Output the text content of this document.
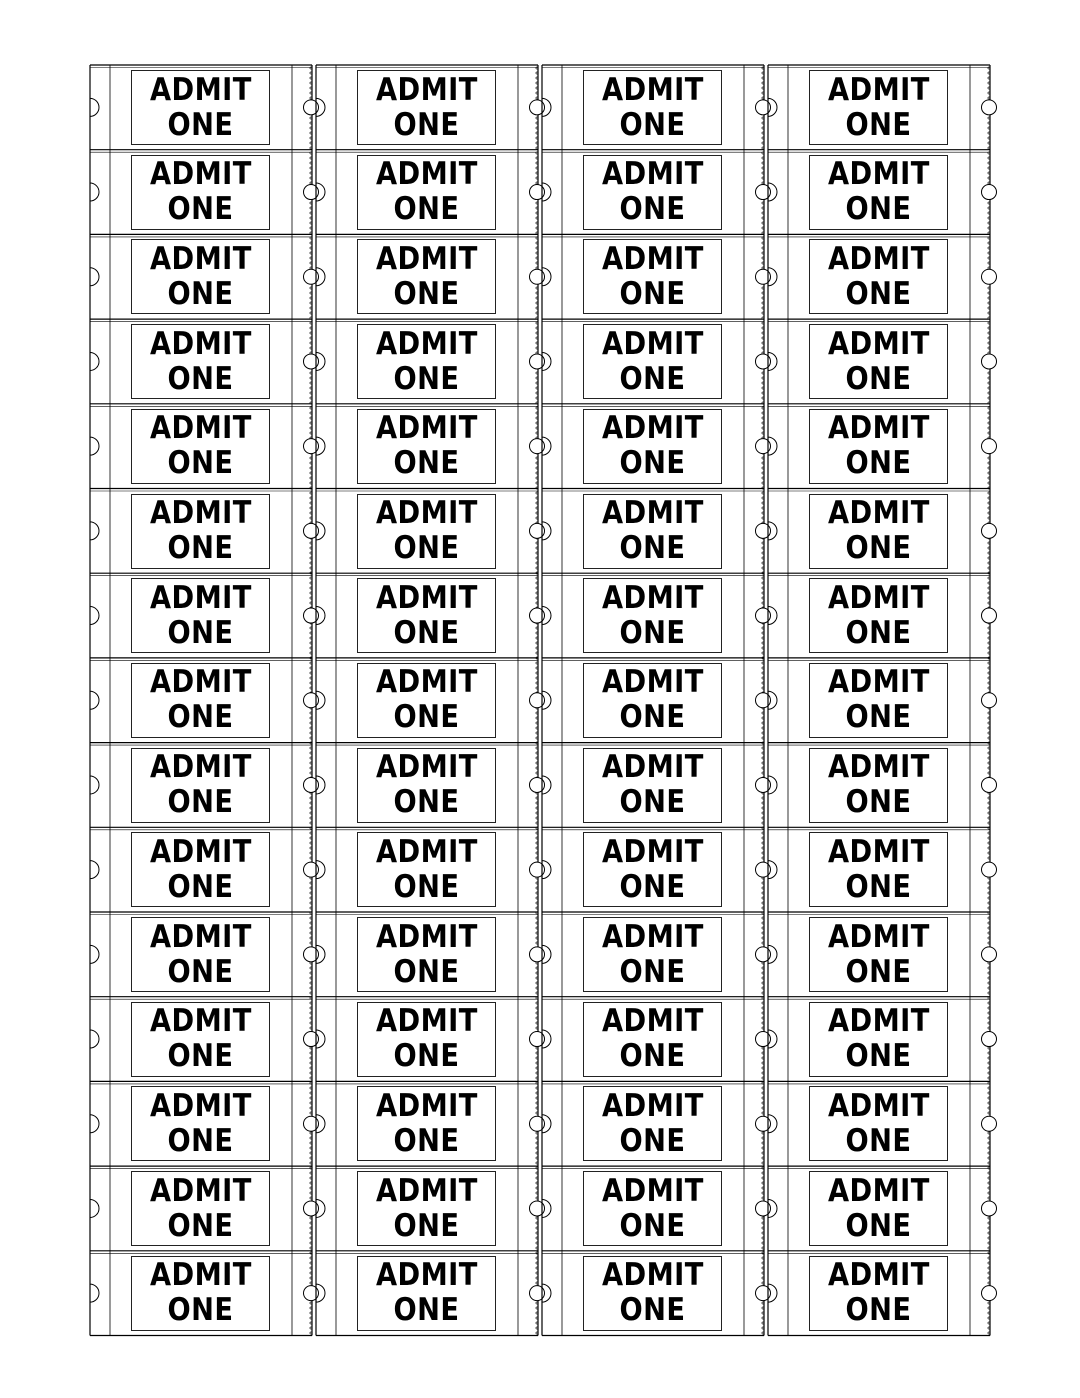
ADMIT
ONE
ADMIT
ONE
ADMIT
ONE
ADMIT
ONE
ADMIT
ONE
ADMIT
ONE
ADMIT
ONE
ADMIT
ONE
ADMIT
ONE
ADMIT
ONE
ADMIT
ONE
ADMIT
ONE
ADMIT
ONE
ADMIT
ONE
ADMIT
ONE
ADMIT
ONE
ADMIT
ONE
ADMIT
ONE
ADMIT
ONE
ADMIT
ONE
ADMIT
ONE
ADMIT
ONE
ADMIT
ONE
ADMIT
ONE
ADMIT
ONE
ADMIT
ONE
ADMIT
ONE
ADMIT
ONE
ADMIT
ONE
ADMIT
ONE
ADMIT
ONE
ADMIT
ONE
ADMIT
ONE
ADMIT
ONE
ADMIT
ONE
ADMIT
ONE
ADMIT
ONE
ADMIT
ONE
ADMIT
ONE
ADMIT
ONE
ADMIT
ONE
ADMIT
ONE
ADMIT
ONE
ADMIT
ONE
ADMIT
ONE
ADMIT
ONE
ADMIT
ONE
ADMIT
ONE
ADMIT
ONE
ADMIT
ONE
ADMIT
ONE
ADMIT
ONE
ADMIT
ONE
ADMIT
ONE
ADMIT
ONE
ADMIT
ONE
ADMIT
ONE
ADMIT
ONE
ADMIT
ONE
ADMIT
ONE
